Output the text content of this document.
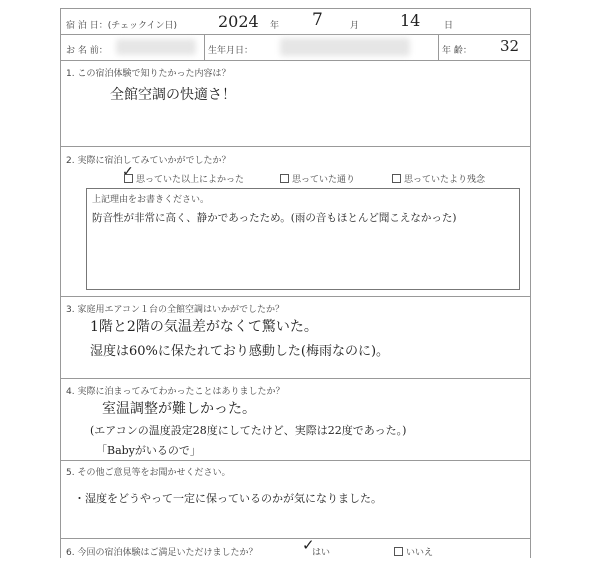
宿 泊 日：(チェックイン日)	2024 年 7	月	14	日
お 名 前：	生年月日：	年 齢： 32
1. この宿泊体験で知りたかった内容は？
全館空調の快適さ！
2. 実際に宿泊してみていかがでしたか？
✓ 思っていた以上によかった	思っていた通り	思っていたより残念
上記理由をお書きください。
防音性が非常に高く、静かであったため。(雨の音もほとんど聞こえなかった)
3. 家庭用エアコン１台の全館空調はいかがでしたか？
1階と2階の気温差がなくて驚いた。
湿度は60%に保たれており感動した(梅雨なのに)。
4. 実際に泊まってみてわかったことはありましたか？
室温調整が難しかった。
(エアコンの温度設定28度にしてたけど、実際は22度であった。)
「Babyがいるので」
5. その他ご意見等をお聞かせください。
・湿度をどうやって一定に保っているのかが気になりました。
6. 今回の宿泊体験はご満足いただけましたか？	✓
はい	いいえ
